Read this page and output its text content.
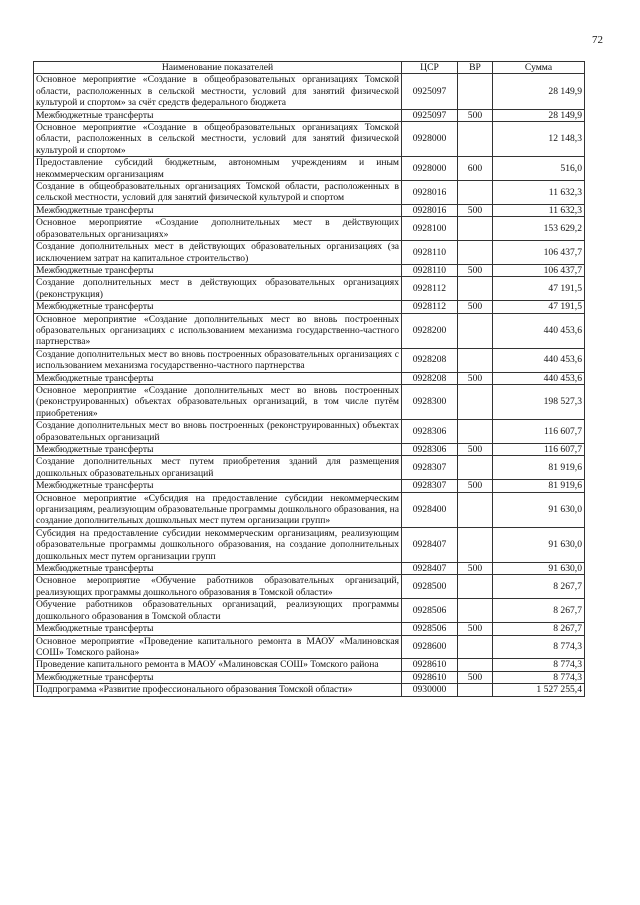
72
Наименование показателей	ЦСР	ВР	Сумма
Основное мероприятие «Создание в общеобразовательных организациях Томской области, расположенных в сельской местности, условий для занятий физической культурой и спортом» за счёт средств федерального бюджета	0925097		28 149,9
Межбюджетные трансферты	0925097	500	28 149,9
Основное мероприятие «Создание в общеобразовательных организациях Томской области, расположенных в сельской местности, условий для занятий физической культурой и спортом»	0928000		12 148,3
Предоставление субсидий бюджетным, автономным учреждениям и иным некоммерческим организациям	0928000	600	516,0
Создание в общеобразовательных организациях Томской области, расположенных в сельской местности, условий для занятий физической культурой и спортом	0928016		11 632,3
Межбюджетные трансферты	0928016	500	11 632,3
Основное мероприятие «Создание дополнительных мест в действующих образовательных организациях»	0928100		153 629,2
Создание дополнительных мест в действующих образовательных организациях (за исключением затрат на капитальное строительство)	0928110		106 437,7
Межбюджетные трансферты	0928110	500	106 437,7
Создание дополнительных мест в действующих образовательных организациях (реконструкция)	0928112		47 191,5
Межбюджетные трансферты	0928112	500	47 191,5
Основное мероприятие «Создание дополнительных мест во вновь построенных образовательных организациях с использованием механизма государственно-частного партнерства»	0928200		440 453,6
Создание дополнительных мест во вновь построенных образовательных организациях с использованием механизма государственно-частного партнерства	0928208		440 453,6
Межбюджетные трансферты	0928208	500	440 453,6
Основное мероприятие «Создание дополнительных мест во вновь построенных (реконструированных) объектах образовательных организаций, в том числе путём приобретения»	0928300		198 527,3
Создание дополнительных мест во вновь построенных (реконструированных) объектах образовательных организаций	0928306		116 607,7
Межбюджетные трансферты	0928306	500	116 607,7
Создание дополнительных мест путем приобретения зданий для размещения дошкольных образовательных организаций	0928307		81 919,6
Межбюджетные трансферты	0928307	500	81 919,6
Основное мероприятие «Субсидия на предоставление субсидии некоммерческим организациям, реализующим образовательные программы дошкольного образования, на создание дополнительных дошкольных мест путем организации групп»	0928400		91 630,0
Субсидия на предоставление субсидии некоммерческим организациям, реализующим образовательные программы дошкольного образования, на создание дополнительных дошкольных мест путем организации групп	0928407		91 630,0
Межбюджетные трансферты	0928407	500	91 630,0
Основное мероприятие «Обучение работников образовательных организаций, реализующих программы дошкольного образования в Томской области»	0928500		8 267,7
Обучение работников образовательных организаций, реализующих программы дошкольного образования в Томской области	0928506		8 267,7
Межбюджетные трансферты	0928506	500	8 267,7
Основное мероприятие «Проведение капитального ремонта в МАОУ «Малиновская СОШ» Томского района»	0928600		8 774,3
Проведение капитального ремонта в МАОУ «Малиновская СОШ» Томского района	0928610		8 774,3
Межбюджетные трансферты	0928610	500	8 774,3
Подпрограмма «Развитие профессионального образования Томской области»	0930000		1 527 255,4
